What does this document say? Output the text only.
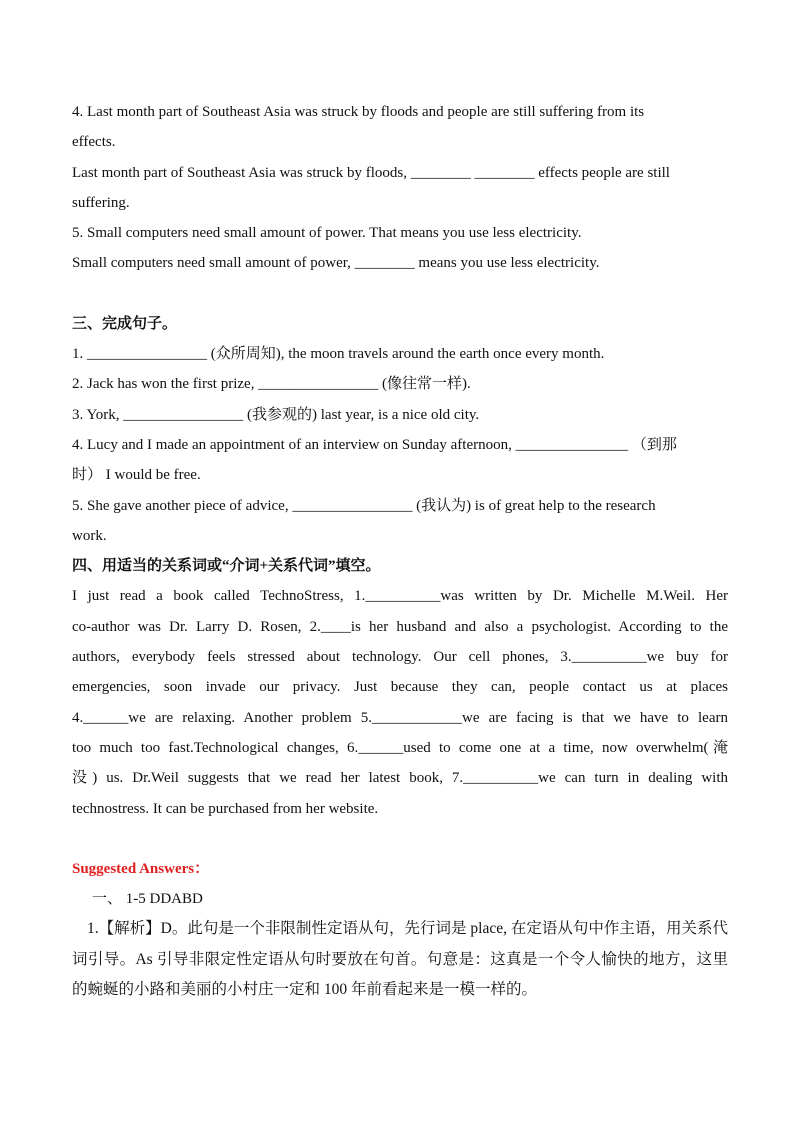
4. Last month part of Southeast Asia was struck by floods and people are still suffering from its

effects.

Last month part of Southeast Asia was struck by floods, ________ ________ effects people are still

suffering.

5. Small computers need small amount of power. That means you use less electricity.

Small computers need small amount of power, ________ means you use less electricity.

三、完成句子。

1. ________________ (众所周知), the moon travels around the earth once every month.

2. Jack has won the first prize, ________________ (像往常一样).

3. York, ________________ (我参观的) last year, is a nice old city.

4. Lucy and I made an appointment of an interview on Sunday afternoon, _______________ （到那

时） I would be free.

5. She gave another piece of advice, ________________ (我认为) is of great help to the research

work.

四、用适当的关系词或“介词+关系代词”填空。

I just read a book called TechnoStress, 1.__________was written by Dr. Michelle M.Weil. Her

co-author was Dr. Larry D. Rosen, 2.____is her husband and also a psychologist. According to the

authors, everybody feels stressed about technology. Our cell phones, 3.__________we buy for

emergencies, soon invade our privacy. Just because they can, people contact us at places

4.______we are relaxing. Another problem 5.____________we are facing is that we have to learn

too much too fast.Technological changes, 6.______used to come one at a time, now overwhelm(淹

没) us. Dr.Weil suggests that we read her latest book, 7.__________we can turn in dealing with

technostress. It can be purchased from her website.

Suggested Answers：

一、 1-5 DDABD

1.【解析】D。此句是一个非限制性定语从句，先行词是 place, 在定语从句中作主语，用关系代词引导。As 引导非限定性定语从句时要放在句首。句意是：这真是一个令人愉快的地方，这里的蜿蜒的小路和美丽的小村庄一定和 100 年前看起来是一模一样的。
